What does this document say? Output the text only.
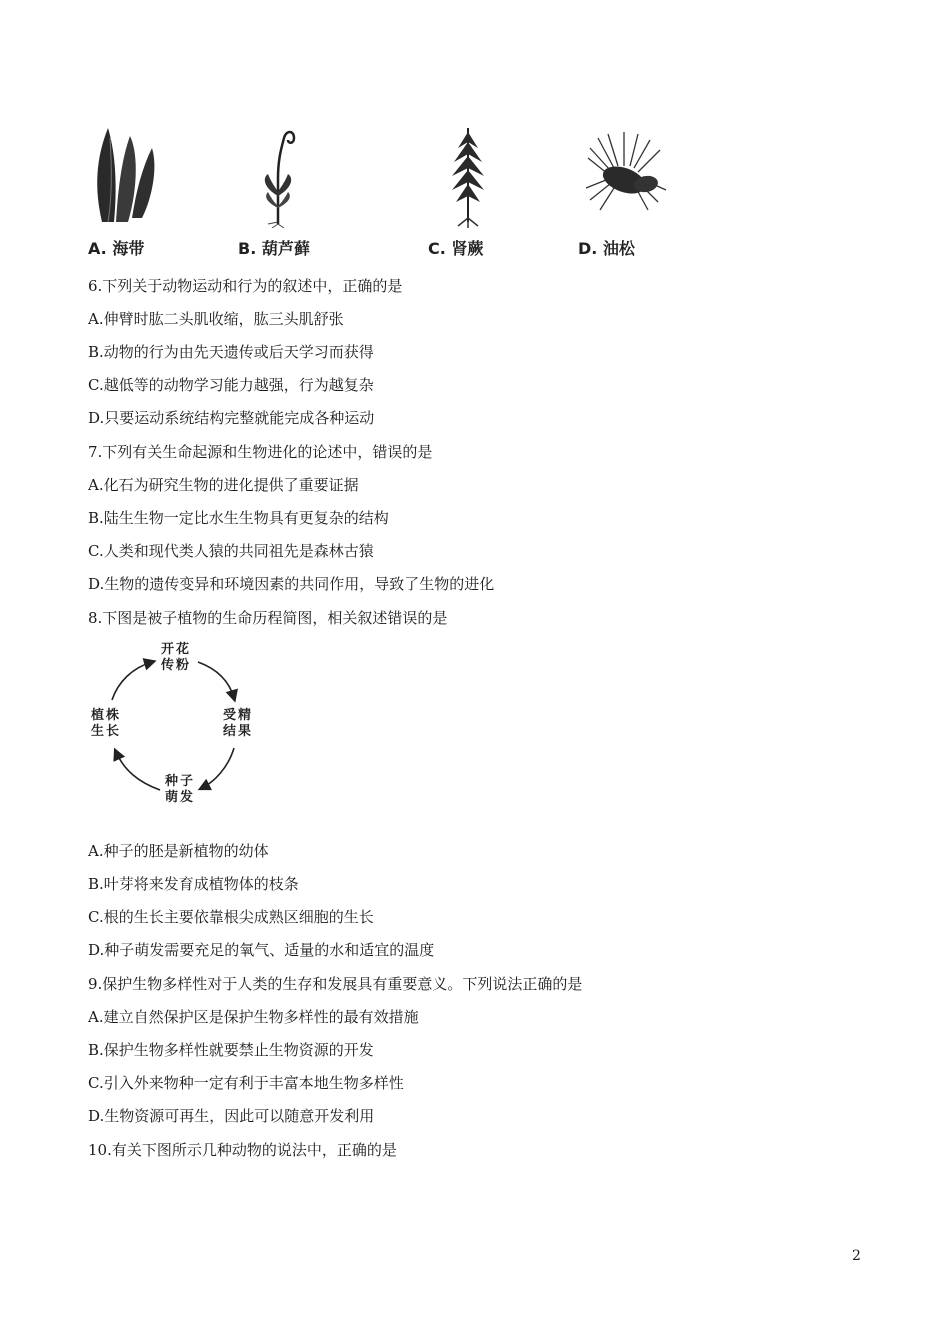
A. 海带	B. 葫芦藓	C. 肾蕨	D. 油松
6.下列关于动物运动和行为的叙述中，正确的是
A.伸臂时肱二头肌收缩，肱三头肌舒张
B.动物的行为由先天遗传或后天学习而获得
C.越低等的动物学习能力越强，行为越复杂
D.只要运动系统结构完整就能完成各种运动
7.下列有关生命起源和生物进化的论述中，错误的是
A.化石为研究生物的进化提供了重要证据
B.陆生生物一定比水生生物具有更复杂的结构
C.人类和现代类人猿的共同祖先是森林古猿
D.生物的遗传变异和环境因素的共同作用，导致了生物的进化
8.下图是被子植物的生命历程简图，相关叙述错误的是
开花
传粉
受精
结果
种子
萌发
植株
生长
A.种子的胚是新植物的幼体
B.叶芽将来发育成植物体的枝条
C.根的生长主要依靠根尖成熟区细胞的生长
D.种子萌发需要充足的氧气、适量的水和适宜的温度
9.保护生物多样性对于人类的生存和发展具有重要意义。下列说法正确的是
A.建立自然保护区是保护生物多样性的最有效措施
B.保护生物多样性就要禁止生物资源的开发
C.引入外来物种一定有利于丰富本地生物多样性
D.生物资源可再生，因此可以随意开发利用
10.有关下图所示几种动物的说法中，正确的是
2
